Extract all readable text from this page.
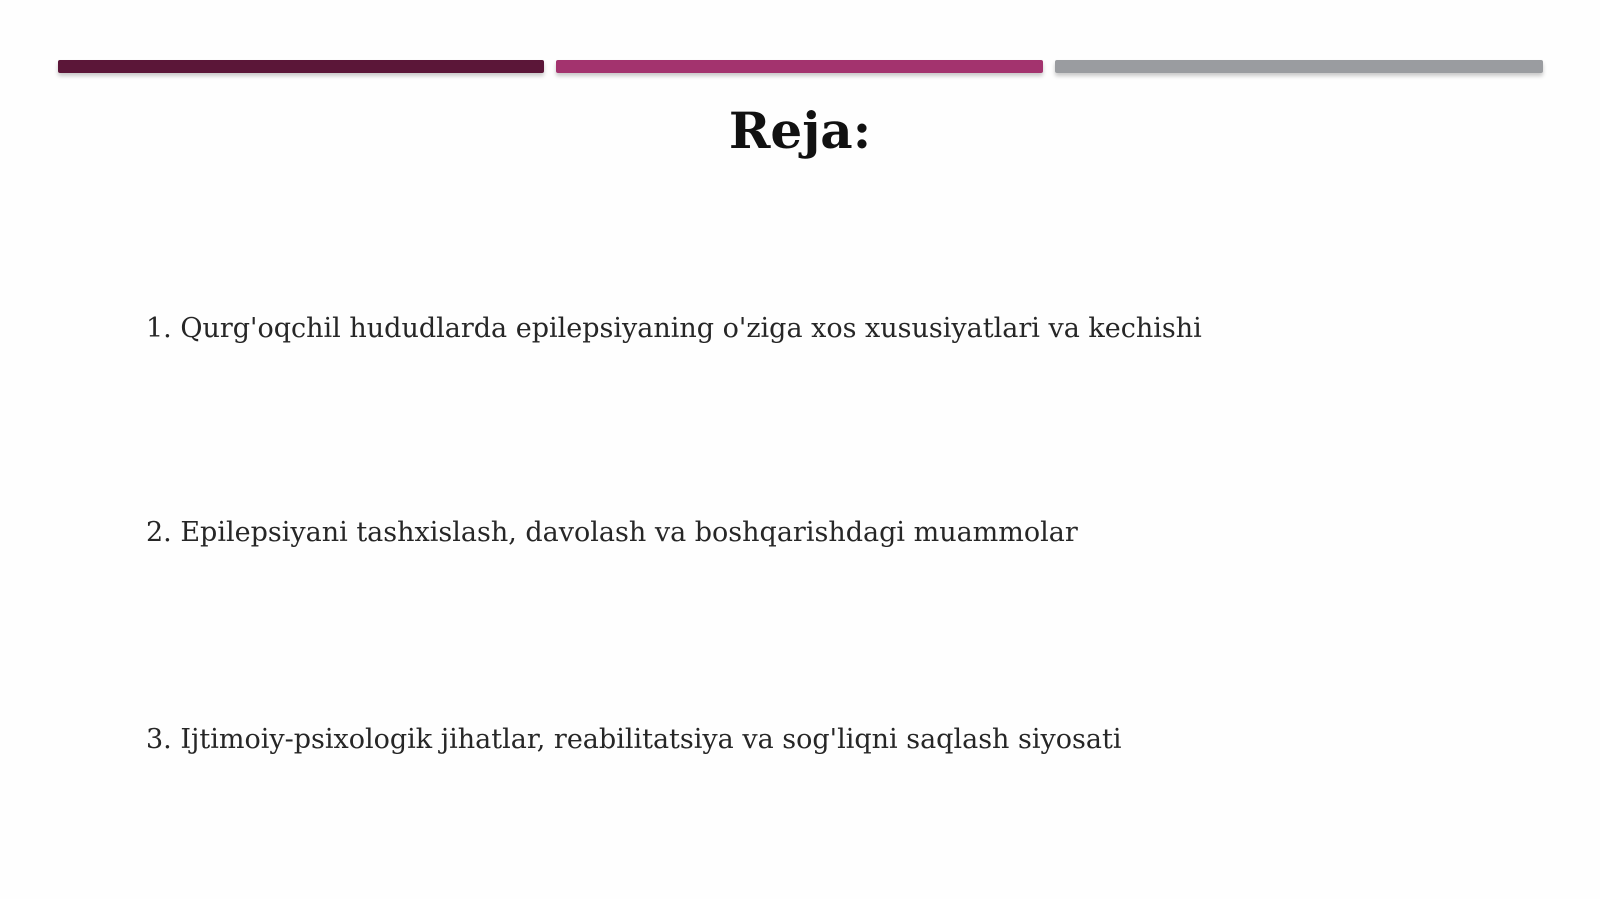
Reja:
1. Qurg'oqchil hududlarda epilepsiyaning o'ziga xos xususiyatlari va kechishi
2. Epilepsiyani tashxislash, davolash va boshqarishdagi muammolar
3. Ijtimoiy-psixologik jihatlar, reabilitatsiya va sog'liqni saqlash siyosati
